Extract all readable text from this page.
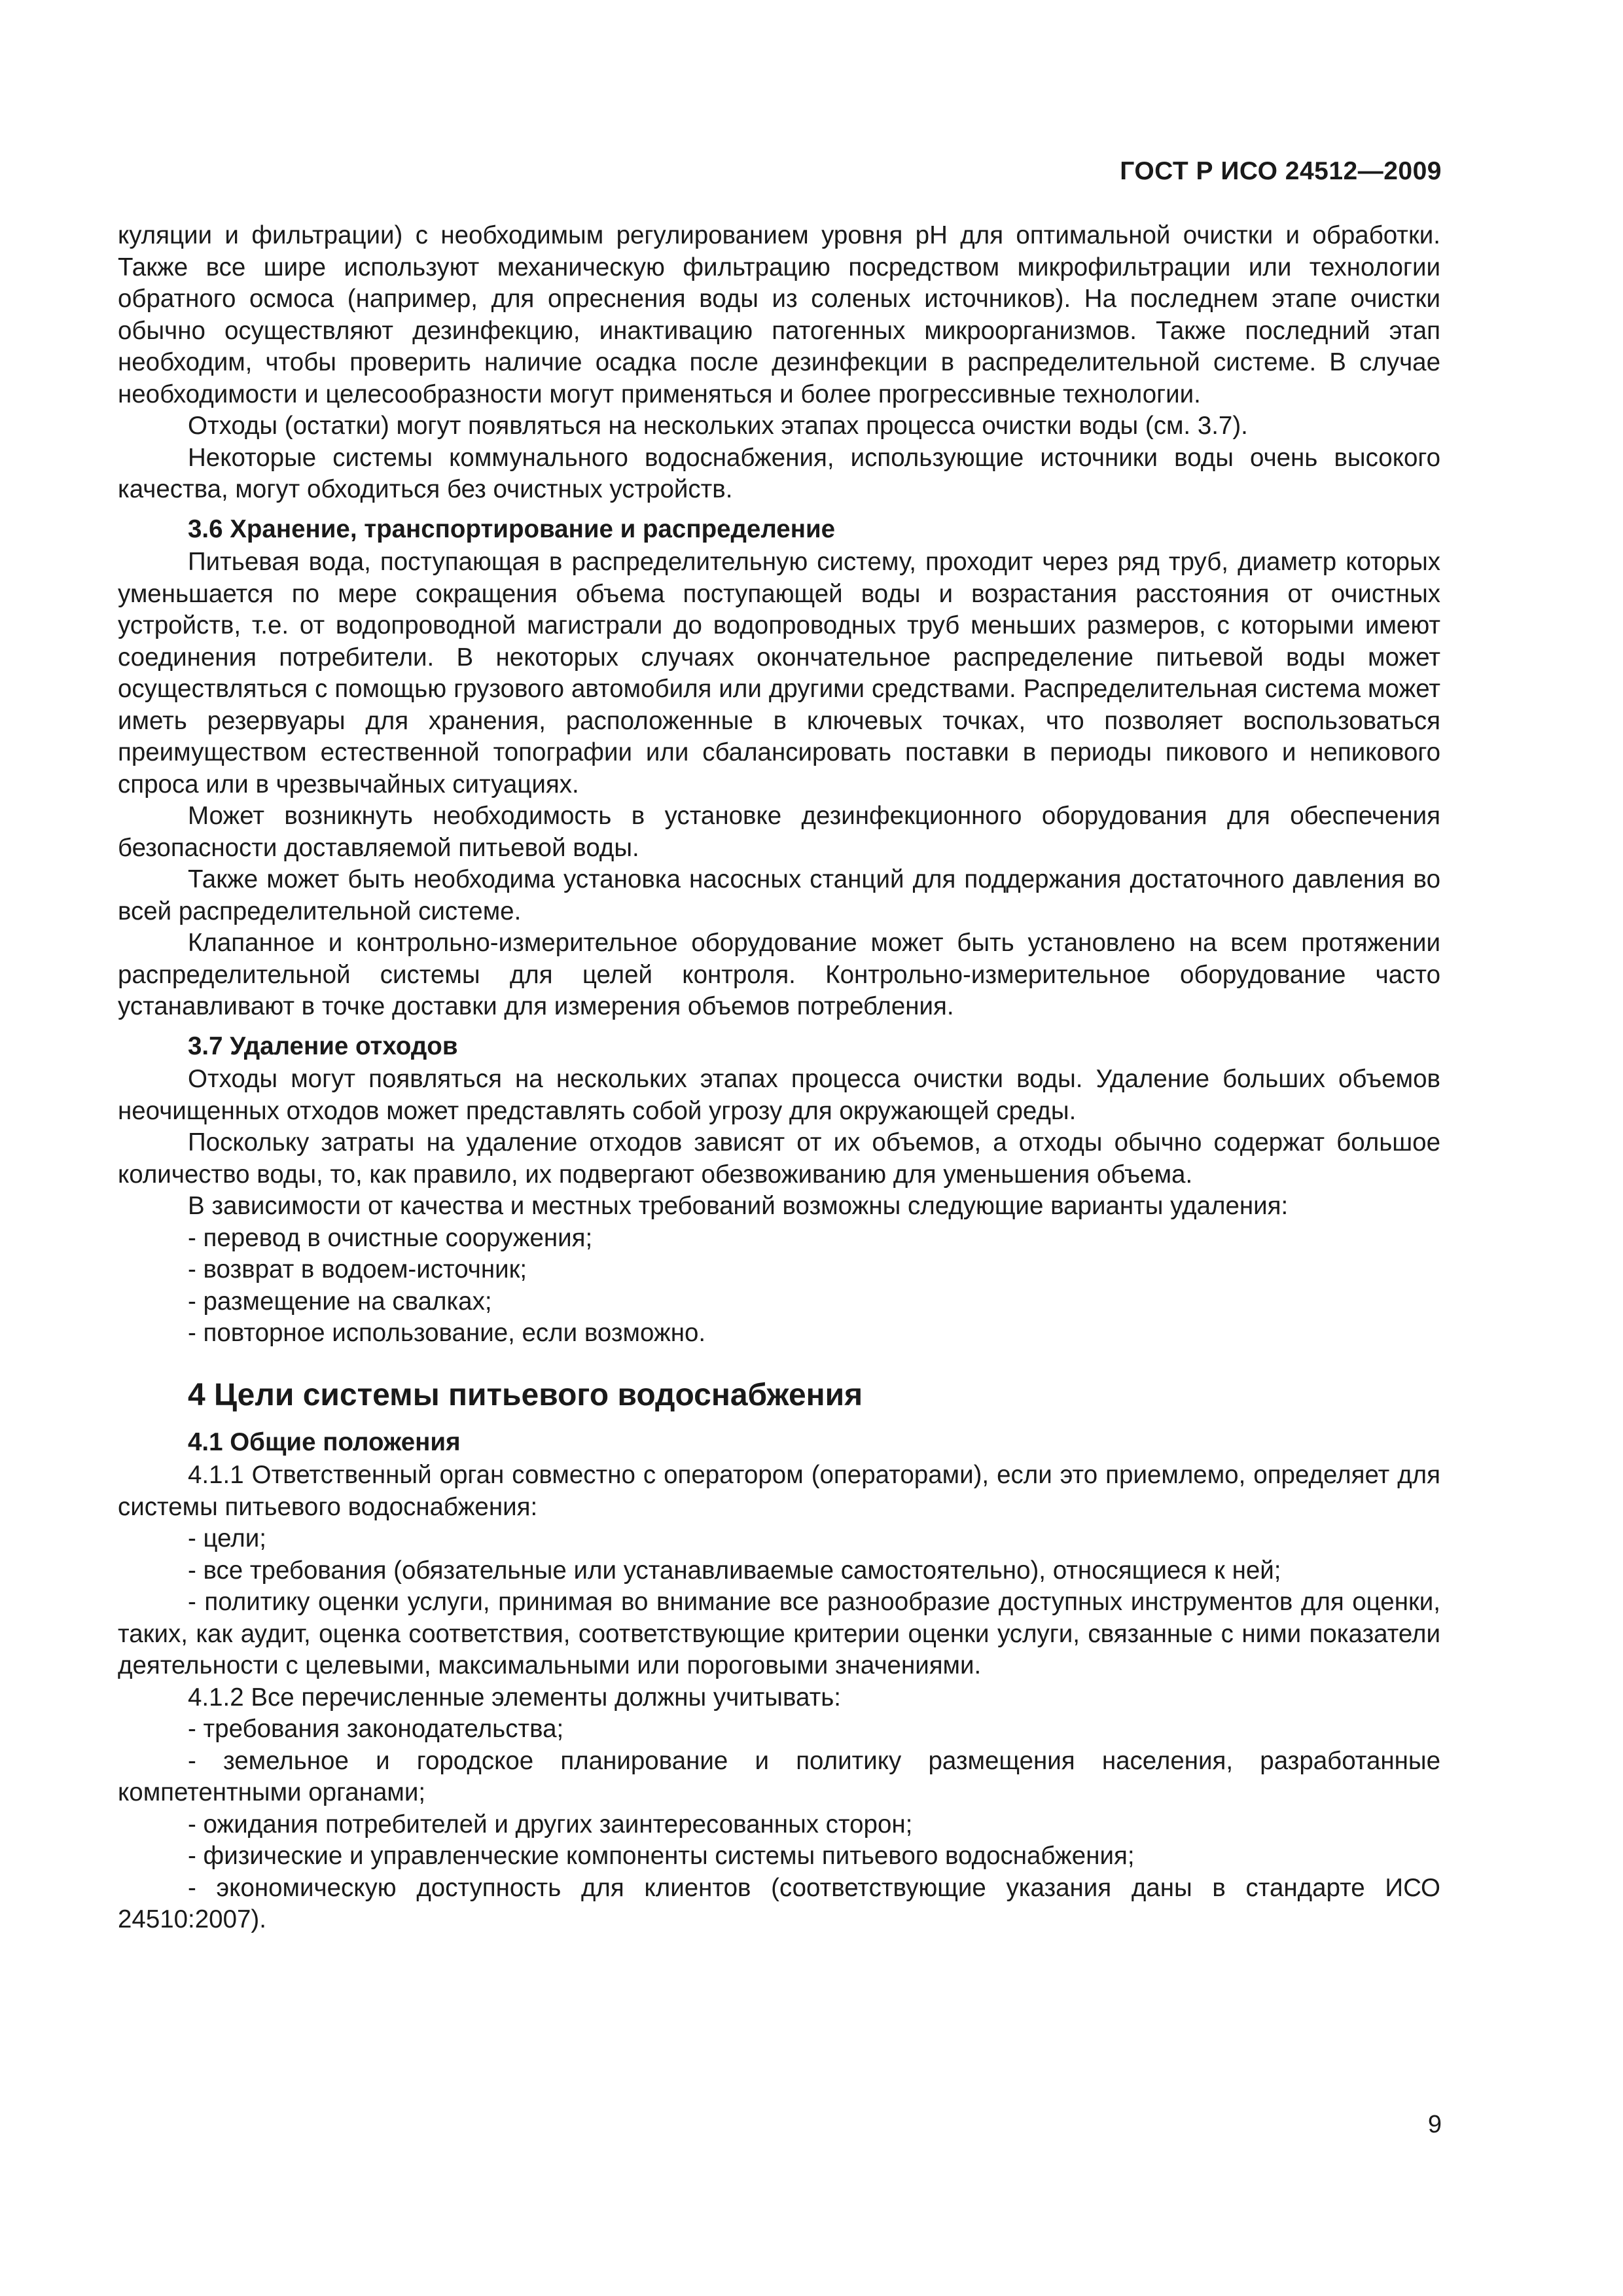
ГОСТ Р ИСО 24512—2009

куляции и фильтрации) с необходимым регулированием уровня рН для оптимальной очистки и обработки. Также все шире используют механическую фильтрацию посредством микрофильтрации или технологии обратного осмоса (например, для опреснения воды из соленых источников). На последнем этапе очистки обычно осуществляют дезинфекцию, инактивацию патогенных микроорганизмов. Также последний этап необходим, чтобы проверить наличие осадка после дезинфекции в распределительной системе. В случае необходимости и целесообразности могут применяться и более прогрессивные технологии.

Отходы (остатки) могут появляться на нескольких этапах процесса очистки воды (см. 3.7).

Некоторые системы коммунального водоснабжения, использующие источники воды очень высокого качества, могут обходиться без очистных устройств.

3.6 Хранение, транспортирование и распределение

Питьевая вода, поступающая в распределительную систему, проходит через ряд труб, диаметр которых уменьшается по мере сокращения объема поступающей воды и возрастания расстояния от очистных устройств, т.е. от водопроводной магистрали до водопроводных труб меньших размеров, с которыми имеют соединения потребители. В некоторых случаях окончательное распределение питьевой воды может осуществляться с помощью грузового автомобиля или другими средствами. Распределительная система может иметь резервуары для хранения, расположенные в ключевых точках, что позволяет воспользоваться преимуществом естественной топографии или сбалансировать поставки в периоды пикового и непикового спроса или в чрезвычайных ситуациях.

Может возникнуть необходимость в установке дезинфекционного оборудования для обеспечения безопасности доставляемой питьевой воды.

Также может быть необходима установка насосных станций для поддержания достаточного давления во всей распределительной системе.

Клапанное и контрольно-измерительное оборудование может быть установлено на всем протяжении распределительной системы для целей контроля. Контрольно-измерительное оборудование часто устанавливают в точке доставки для измерения объемов потребления.

3.7 Удаление отходов

Отходы могут появляться на нескольких этапах процесса очистки воды. Удаление больших объемов неочищенных отходов может представлять собой угрозу для окружающей среды.

Поскольку затраты на удаление отходов зависят от их объемов, а отходы обычно содержат большое количество воды, то, как правило, их подвергают обезвоживанию для уменьшения объема.

В зависимости от качества и местных требований возможны следующие варианты удаления:

- перевод в очистные сооружения;

- возврат в водоем-источник;

- размещение на свалках;

- повторное использование, если возможно.

4 Цели системы питьевого водоснабжения
4.1 Общие положения

4.1.1 Ответственный орган совместно с оператором (операторами), если это приемлемо, определяет для системы питьевого водоснабжения:

- цели;

- все требования (обязательные или устанавливаемые самостоятельно), относящиеся к ней;

- политику оценки услуги, принимая во внимание все разнообразие доступных инструментов для оценки, таких, как аудит, оценка соответствия, соответствующие критерии оценки услуги, связанные с ними показатели деятельности с целевыми, максимальными или пороговыми значениями.

4.1.2 Все перечисленные элементы должны учитывать:

- требования законодательства;

- земельное и городское планирование и политику размещения населения, разработанные компетентными органами;

- ожидания потребителей и других заинтересованных сторон;

- физические и управленческие компоненты системы питьевого водоснабжения;

- экономическую доступность для клиентов (соответствующие указания даны в стандарте ИСО 24510:2007).

9
